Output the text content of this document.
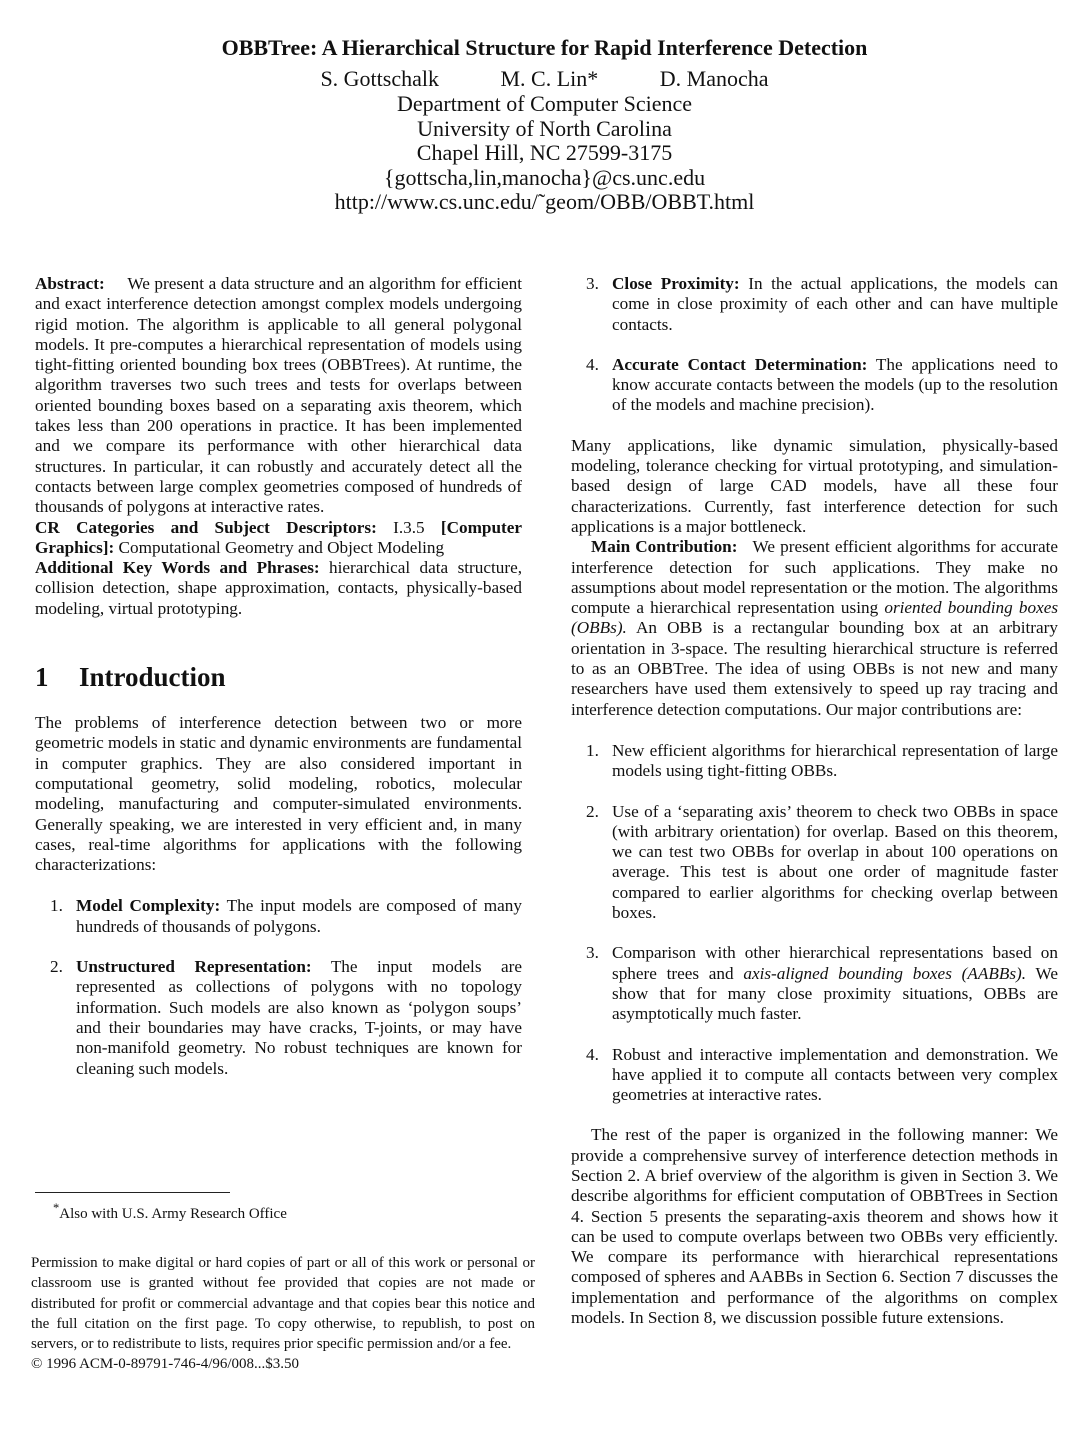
OBBTree: A Hierarchical Structure for Rapid Interference Detection
S. Gottschalk	M. C. Lin*	D. Manocha
Department of Computer Science
University of North Carolina
Chapel Hill, NC 27599-3175
{gottscha,lin,manocha}@cs.unc.edu
http://www.cs.unc.edu/˜geom/OBB/OBBT.html

Abstract: We present a data structure and an algorithm for efficient and exact interference detection amongst complex models undergoing rigid motion. The algorithm is applicable to all general polygonal models. It pre-computes a hierarchical representation of models using tight-fitting oriented bounding box trees (OBBTrees). At runtime, the algorithm traverses two such trees and tests for overlaps between oriented bounding boxes based on a separating axis theorem, which takes less than 200 operations in practice. It has been implemented and we compare its performance with other hierarchical data structures. In particular, it can robustly and accurately detect all the contacts between large complex geometries composed of hundreds of thousands of polygons at interactive rates.

CR Categories and Subject Descriptors: I.3.5 [Computer Graphics]: Computational Geometry and Object Modeling

Additional Key Words and Phrases: hierarchical data structure, collision detection, shape approximation, contacts, physically-based modeling, virtual prototyping.

1 Introduction

The problems of interference detection between two or more geometric models in static and dynamic environments are fundamental in computer graphics. They are also considered important in computational geometry, solid modeling, robotics, molecular modeling, manufacturing and computer-simulated environments. Generally speaking, we are interested in very efficient and, in many cases, real-time algorithms for applications with the following characterizations:

1. Model Complexity: The input models are composed of many hundreds of thousands of polygons.
2. Unstructured Representation: The input models are represented as collections of polygons with no topology information. Such models are also known as ‘polygon soups’ and their boundaries may have cracks, T-joints, or may have non-manifold geometry. No robust techniques are known for cleaning such models.
*Also with U.S. Army Research Office
Permission to make digital or hard copies of part or all of this work or personal or classroom use is granted without fee provided that copies are not made or distributed for profit or commercial advantage and that copies bear this notice and the full citation on the first page. To copy otherwise, to republish, to post on servers, or to redistribute to lists, requires prior specific permission and/or a fee.
© 1996 ACM-0-89791-746-4/96/008...$3.50
3. Close Proximity: In the actual applications, the models can come in close proximity of each other and can have multiple contacts.
4. Accurate Contact Determination: The applications need to know accurate contacts between the models (up to the resolution of the models and machine precision).

Many applications, like dynamic simulation, physically-based modeling, tolerance checking for virtual prototyping, and simulation-based design of large CAD models, have all these four characterizations. Currently, fast interference detection for such applications is a major bottleneck.

Main Contribution: We present efficient algorithms for accurate interference detection for such applications. They make no assumptions about model representation or the motion. The algorithms compute a hierarchical representation using oriented bounding boxes (OBBs). An OBB is a rectangular bounding box at an arbitrary orientation in 3-space. The resulting hierarchical structure is referred to as an OBBTree. The idea of using OBBs is not new and many researchers have used them extensively to speed up ray tracing and interference detection computations. Our major contributions are:

1. New efficient algorithms for hierarchical representation of large models using tight-fitting OBBs.
2. Use of a ‘separating axis’ theorem to check two OBBs in space (with arbitrary orientation) for overlap. Based on this theorem, we can test two OBBs for overlap in about 100 operations on average. This test is about one order of magnitude faster compared to earlier algorithms for checking overlap between boxes.
3. Comparison with other hierarchical representations based on sphere trees and axis-aligned bounding boxes (AABBs). We show that for many close proximity situations, OBBs are asymptotically much faster.
4. Robust and interactive implementation and demonstration. We have applied it to compute all contacts between very complex geometries at interactive rates.

The rest of the paper is organized in the following manner: We provide a comprehensive survey of interference detection methods in Section 2. A brief overview of the algorithm is given in Section 3. We describe algorithms for efficient computation of OBBTrees in Section 4. Section 5 presents the separating-axis theorem and shows how it can be used to compute overlaps between two OBBs very efficiently. We compare its performance with hierarchical representations composed of spheres and AABBs in Section 6. Section 7 discusses the implementation and performance of the algorithms on complex models. In Section 8, we discussion possible future extensions.
